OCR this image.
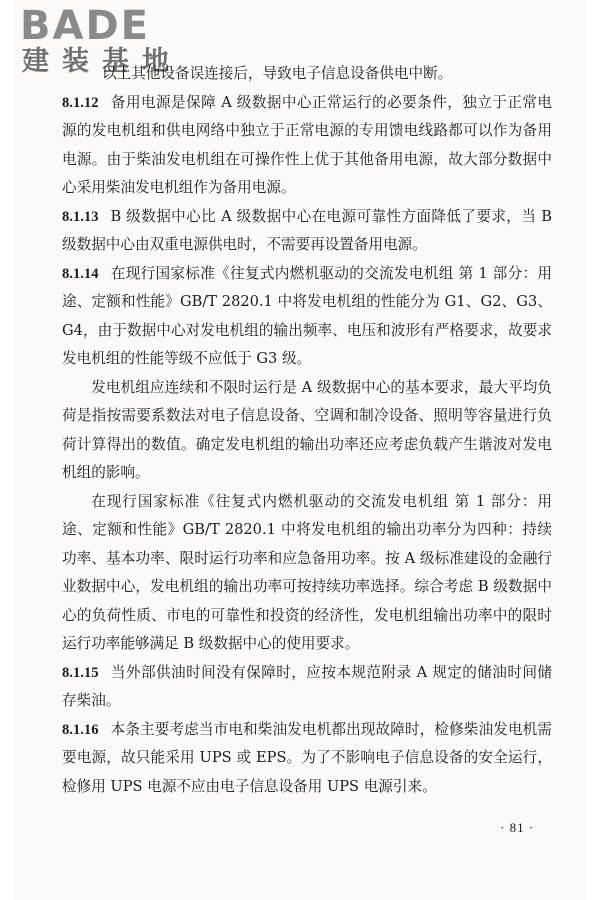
BADE
建装基地

以上其他设备误连接后，导致电子信息设备供电中断。

8.1.12 备用电源是保障 A 级数据中心正常运行的必要条件，独立于正常电源的发电机组和供电网络中独立于正常电源的专用馈电线路都可以作为备用电源。由于柴油发电机组在可操作性上优于其他备用电源，故大部分数据中心采用柴油发电机组作为备用电源。

8.1.13 B 级数据中心比 A 级数据中心在电源可靠性方面降低了要求，当 B 级数据中心由双重电源供电时，不需要再设置备用电源。

8.1.14 在现行国家标准《往复式内燃机驱动的交流发电机组 第 1 部分：用途、定额和性能》GB/T 2820.1 中将发电机组的性能分为 G1、G2、G3、G4，由于数据中心对发电机组的输出频率、电压和波形有严格要求，故要求发电机组的性能等级不应低于 G3 级。

发电机组应连续和不限时运行是 A 级数据中心的基本要求，最大平均负荷是指按需要系数法对电子信息设备、空调和制冷设备、照明等容量进行负荷计算得出的数值。确定发电机组的输出功率还应考虑负载产生谐波对发电机组的影响。

在现行国家标准《往复式内燃机驱动的交流发电机组 第 1 部分：用途、定额和性能》GB/T 2820.1 中将发电机组的输出功率分为四种：持续功率、基本功率、限时运行功率和应急备用功率。按 A 级标准建设的金融行业数据中心，发电机组的输出功率可按持续功率选择。综合考虑 B 级数据中心的负荷性质、市电的可靠性和投资的经济性，发电机组输出功率中的限时运行功率能够满足 B 级数据中心的使用要求。

8.1.15 当外部供油时间没有保障时，应按本规范附录 A 规定的储油时间储存柴油。

8.1.16 本条主要考虑当市电和柴油发电机都出现故障时，检修柴油发电机需要电源，故只能采用 UPS 或 EPS。为了不影响电子信息设备的安全运行，检修用 UPS 电源不应由电子信息设备用 UPS 电源引来。

· 81 ·
